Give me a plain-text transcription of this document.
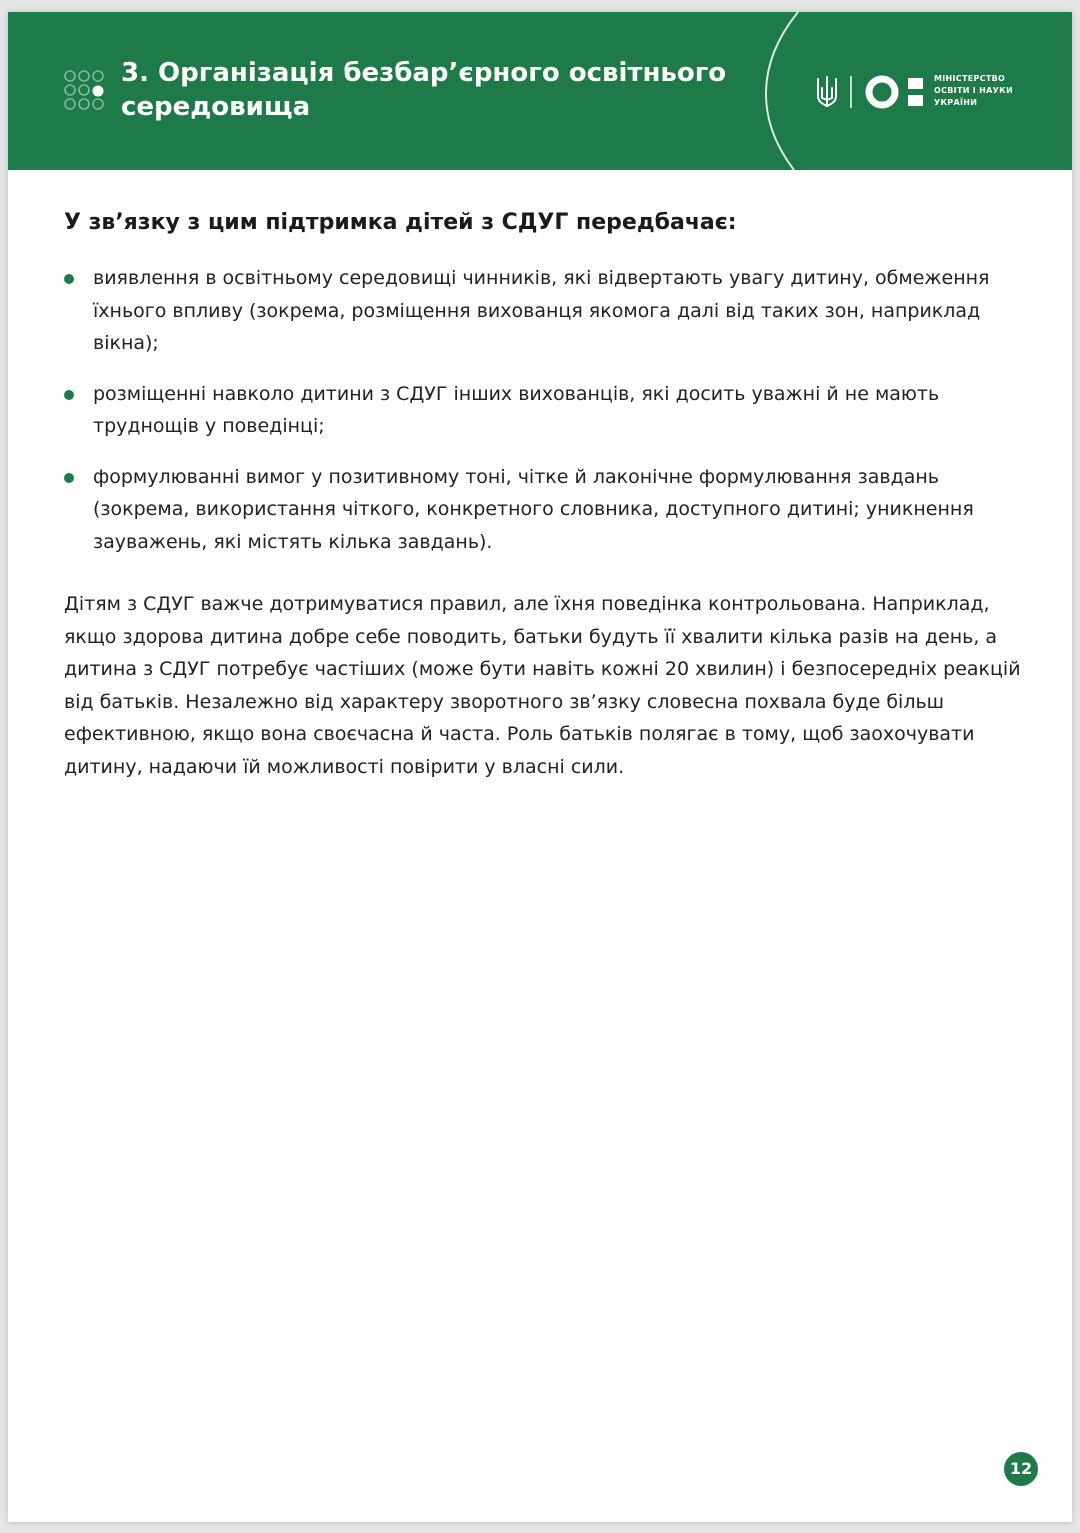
3. Організація безбар’єрного освітнього середовища
МІНІСТЕРСТВО
ОСВІТИ І НАУКИ
УКРАЇНИ
У зв’язку з цим підтримка дітей з СДУГ передбачає:
виявлення в освітньому середовищі чинників, які відвертають увагу дитину, обмеження їхнього впливу (зокрема, розміщення вихованця якомога далі від таких зон, наприклад вікна);
розміщенні навколо дитини з СДУГ інших вихованців, які досить уважні й не мають труднощів у поведінці;
формулюванні вимог у позитивному тоні, чітке й лаконічне формулювання завдань (зокрема, використання чіткого, конкретного словника, доступного дитині; уникнення зауважень, які містять кілька завдань).

Дітям з СДУГ важче дотримуватися правил, але їхня поведінка контрольована. Наприклад, якщо здорова дитина добре себе поводить, батьки будуть її хвалити кілька разів на день, а дитина з СДУГ потребує частіших (може бути навіть кожні 20 хвилин) і безпосередніх реакцій від батьків. Незалежно від характеру зворотного зв’язку словесна похвала буде більш ефективною, якщо вона своєчасна й часта. Роль батьків полягає в тому, щоб заохочувати дитину, надаючи їй можливості повірити у власні сили.

12
